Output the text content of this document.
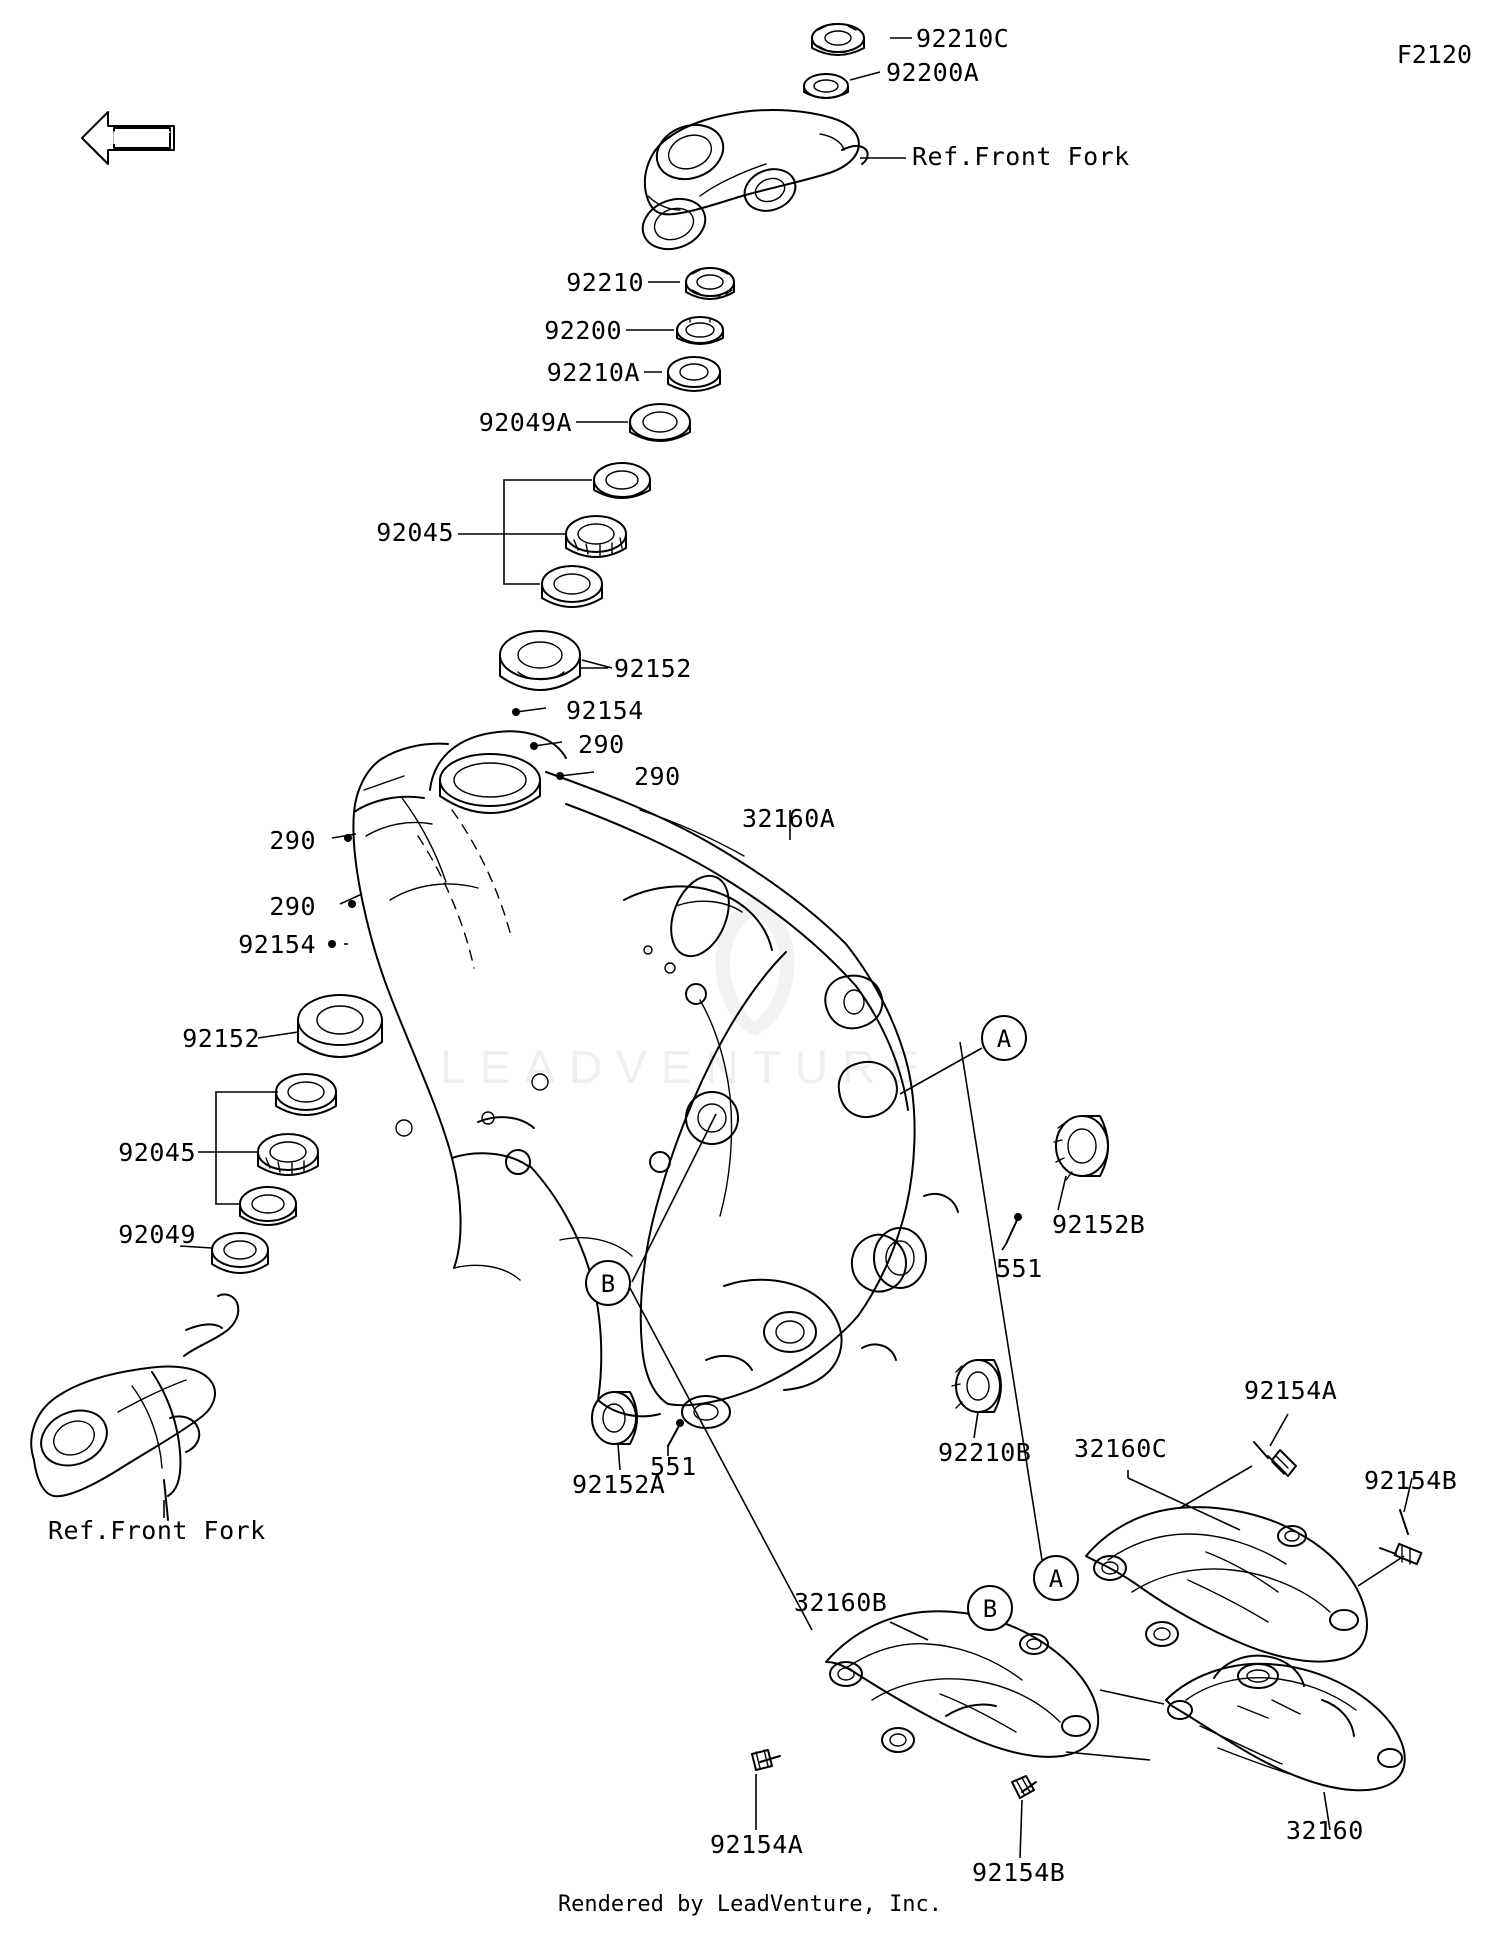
F2120
FRONT
LEADVENTURE
A
B
A
B
92210C
92200A
Ref.Front Fork
92210
92200
92210A
92049A
92045
92152
92154
290
290
290
290
92154
32160A
92152
92045
92049
Ref.Front Fork
92152B
551
551
92152A
92210B
92154A
92154B
32160C
32160B
32160
92154A
92154B
Rendered by LeadVenture, Inc.
